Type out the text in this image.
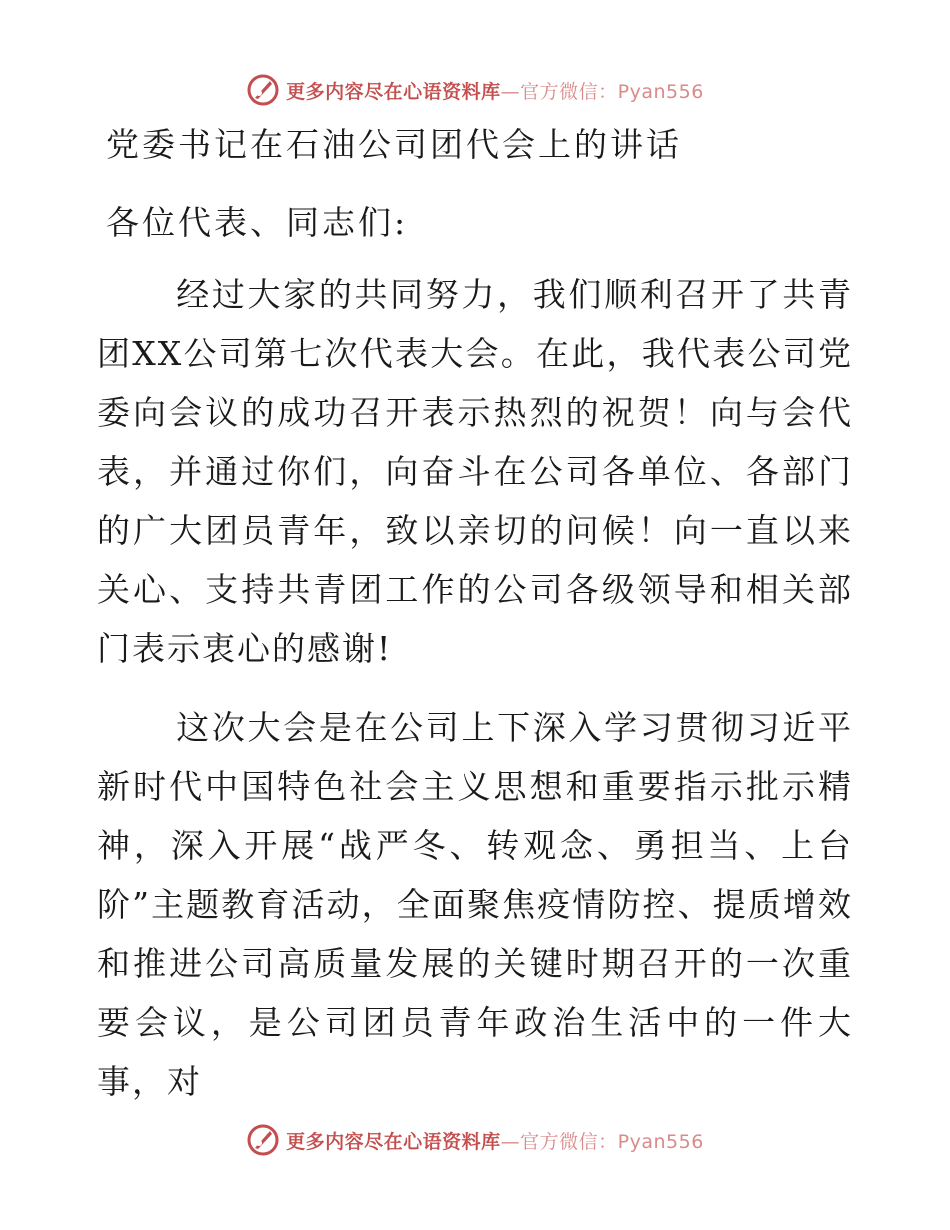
更多内容尽在心语资料库—官方微信：Pyan556
党委书记在石油公司团代会上的讲话
各位代表、同志们:

经过大家的共同努力，我们顺利召开了共青团XX公司第七次代表大会。在此，我代表公司党委向会议的成功召开表示热烈的祝贺！向与会代表，并通过你们，向奋斗在公司各单位、各部门的广大团员青年，致以亲切的问候！向一直以来关心、支持共青团工作的公司各级领导和相关部门表示衷心的感谢!

这次大会是在公司上下深入学习贯彻习近平新时代中国特色社会主义思想和重要指示批示精神，深入开展“战严冬、转观念、勇担当、上台阶”主题教育活动，全面聚焦疫情防控、提质增效和推进公司高质量发展的关键时期召开的一次重要会议，是公司团员青年政治生活中的一件大事，对

更多内容尽在心语资料库—官方微信：Pyan556
